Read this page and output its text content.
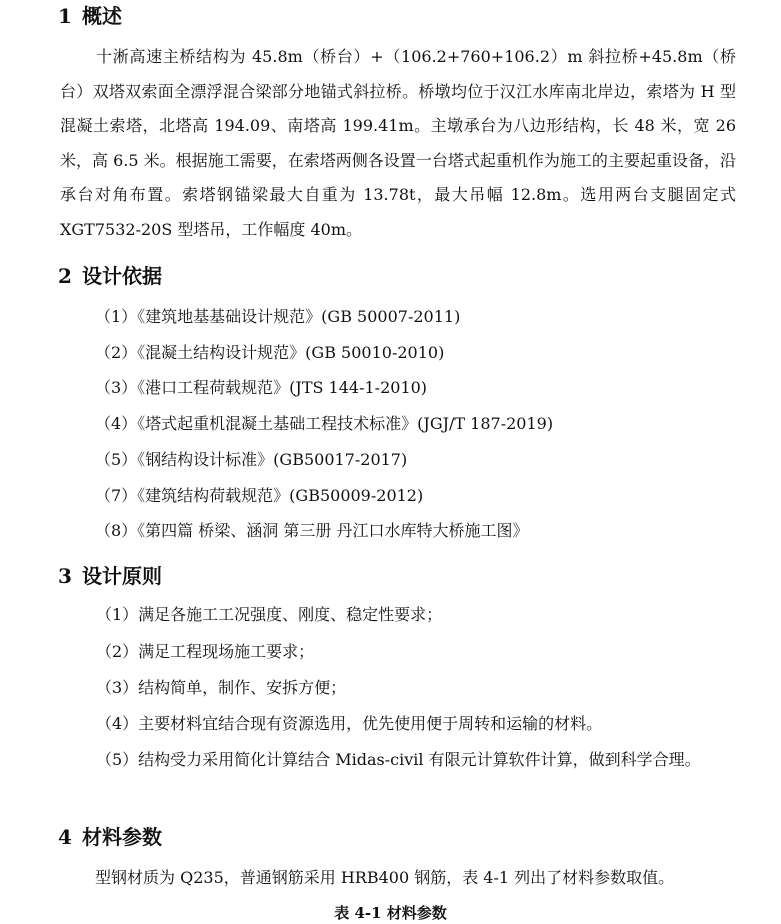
1 概述
十淅高速主桥结构为 45.8m（桥台）+（106.2+760+106.2）m 斜拉桥+45.8m（桥台）双塔双索面全漂浮混合梁部分地锚式斜拉桥。桥墩均位于汉江水库南北岸边，索塔为 H 型混凝土索塔，北塔高 194.09、南塔高 199.41m。主墩承台为八边形结构，长 48 米，宽 26 米，高 6.5 米。根据施工需要，在索塔两侧各设置一台塔式起重机作为施工的主要起重设备，沿承台对角布置。索塔钢锚梁最大自重为 13.78t，最大吊幅 12.8m。选用两台支腿固定式 XGT7532-20S 型塔吊，工作幅度 40m。
2 设计依据
（1）《建筑地基基础设计规范》(GB 50007-2011)
（2）《混凝土结构设计规范》(GB 50010-2010)
（3）《港口工程荷载规范》(JTS 144-1-2010)
（4）《塔式起重机混凝土基础工程技术标准》(JGJ/T 187-2019)
（5）《钢结构设计标准》(GB50017-2017)
（7）《建筑结构荷载规范》(GB50009-2012)
（8）《第四篇 桥梁、涵洞 第三册 丹江口水库特大桥施工图》
3 设计原则
（1）满足各施工工况强度、刚度、稳定性要求；
（2）满足工程现场施工要求；
（3）结构简单，制作、安拆方便；
（4）主要材料宜结合现有资源选用，优先使用便于周转和运输的材料。
（5）结构受力采用简化计算结合 Midas-civil 有限元计算软件计算，做到科学合理。
4 材料参数
型钢材质为 Q235，普通钢筋采用 HRB400 钢筋，表 4-1 列出了材料参数取值。
表 4-1 材料参数
